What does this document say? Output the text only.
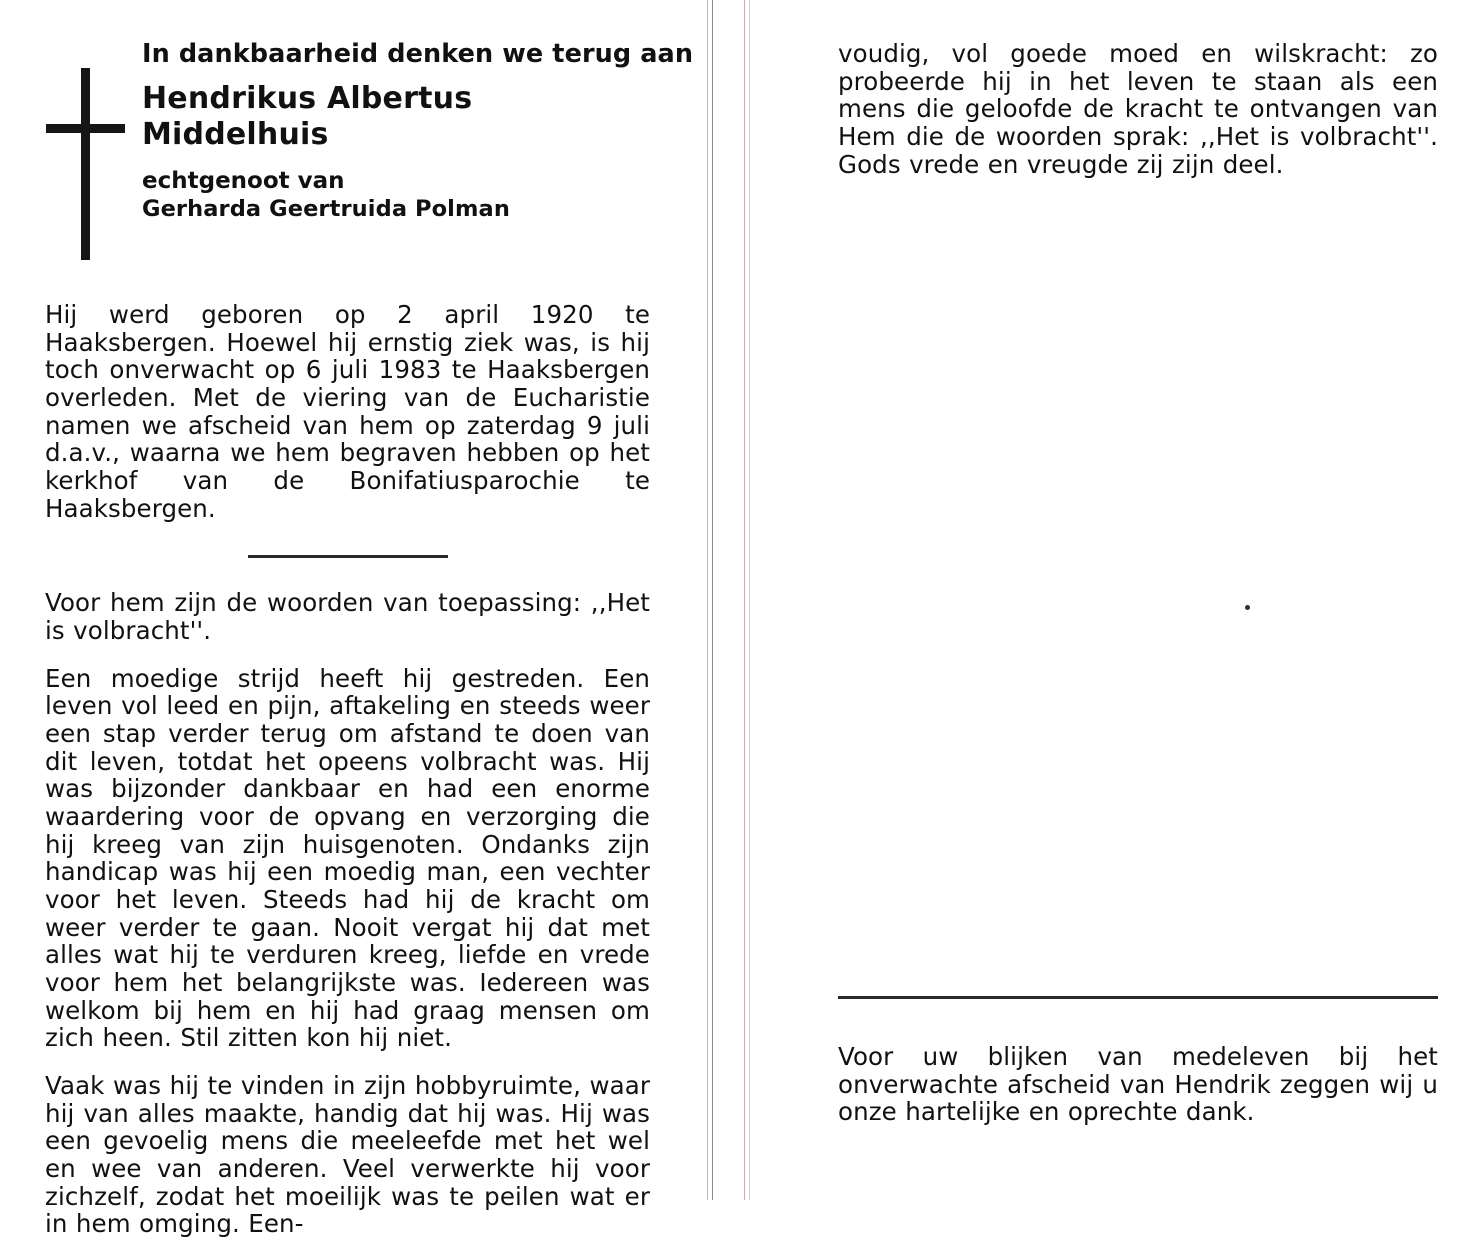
In dankbaarheid denken we terug aan

Hendrikus Albertus

Middelhuis

echtgenoot van

Gerharda Geertruida Polman

Hij werd geboren op 2 april 1920 te Haaksbergen. Hoewel hij ernstig ziek was, is hij toch onverwacht op 6 juli 1983 te Haaksbergen overleden. Met de viering van de Eucharistie namen we afscheid van hem op zaterdag 9 juli d.a.v., waarna we hem begraven hebben op het kerkhof van de Bonifatiusparochie te Haaksbergen.

Voor hem zijn de woorden van toepassing: ,,Het is volbracht''.

Een moedige strijd heeft hij gestreden. Een leven vol leed en pijn, aftakeling en steeds weer een stap verder terug om afstand te doen van dit leven, totdat het opeens volbracht was. Hij was bijzonder dankbaar en had een enorme waardering voor de opvang en verzorging die hij kreeg van zijn huisgenoten. Ondanks zijn handicap was hij een moedig man, een vechter voor het leven. Steeds had hij de kracht om weer verder te gaan. Nooit vergat hij dat met alles wat hij te verduren kreeg, liefde en vrede voor hem het belangrijkste was. Iedereen was welkom bij hem en hij had graag mensen om zich heen. Stil zitten kon hij niet.

Vaak was hij te vinden in zijn hobbyruimte, waar hij van alles maakte, handig dat hij was. Hij was een gevoelig mens die meeleefde met het wel en wee van anderen. Veel verwerkte hij voor zichzelf, zodat het moeilijk was te peilen wat er in hem omging. Een-

voudig, vol goede moed en wilskracht: zo probeerde hij in het leven te staan als een mens die geloofde de kracht te ontvangen van Hem die de woorden sprak: ,,Het is volbracht''. Gods vrede en vreugde zij zijn deel.

Voor uw blijken van medeleven bij het onverwachte afscheid van Hendrik zeggen wij u onze hartelijke en oprechte dank.
